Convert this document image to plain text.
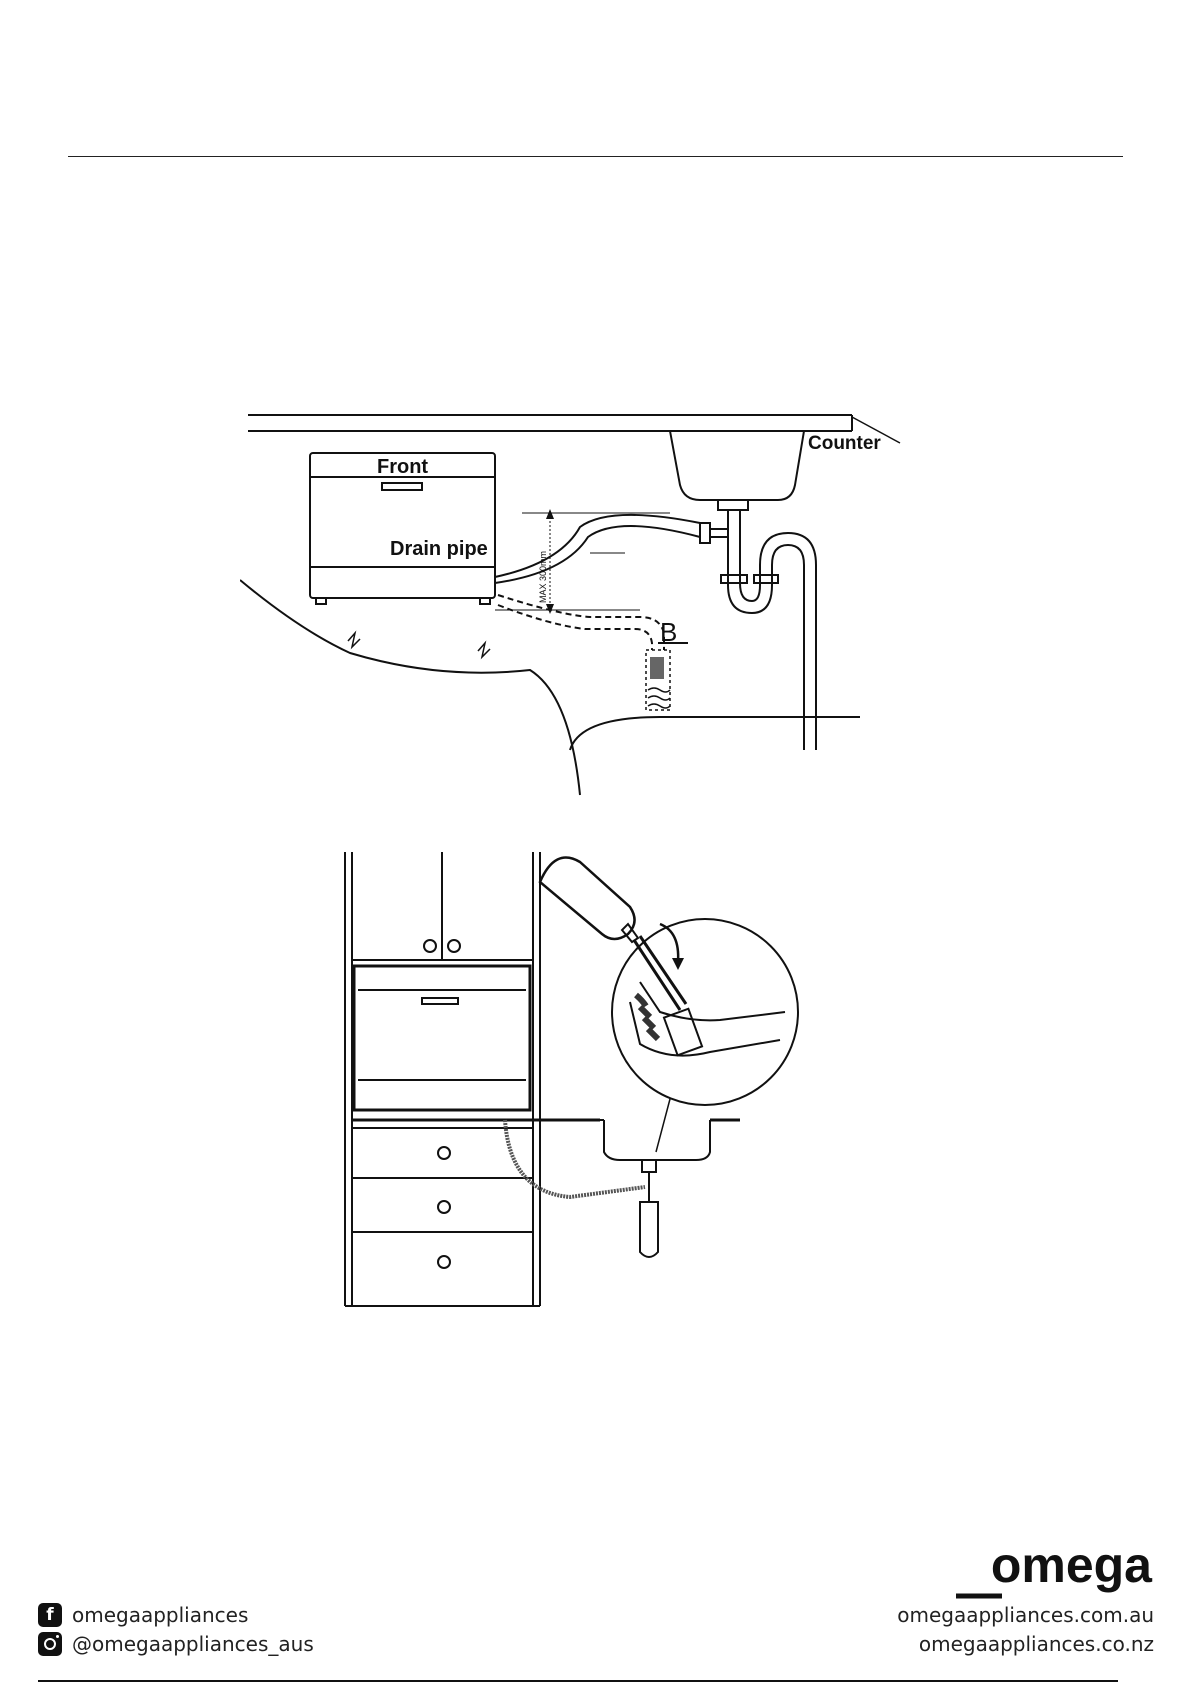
Counter
Front
Drain pipe
MAX 300mm
B
omega
f omegaappliances
@omegaappliances_aus
omegaappliances.com.au
omegaappliances.co.nz
